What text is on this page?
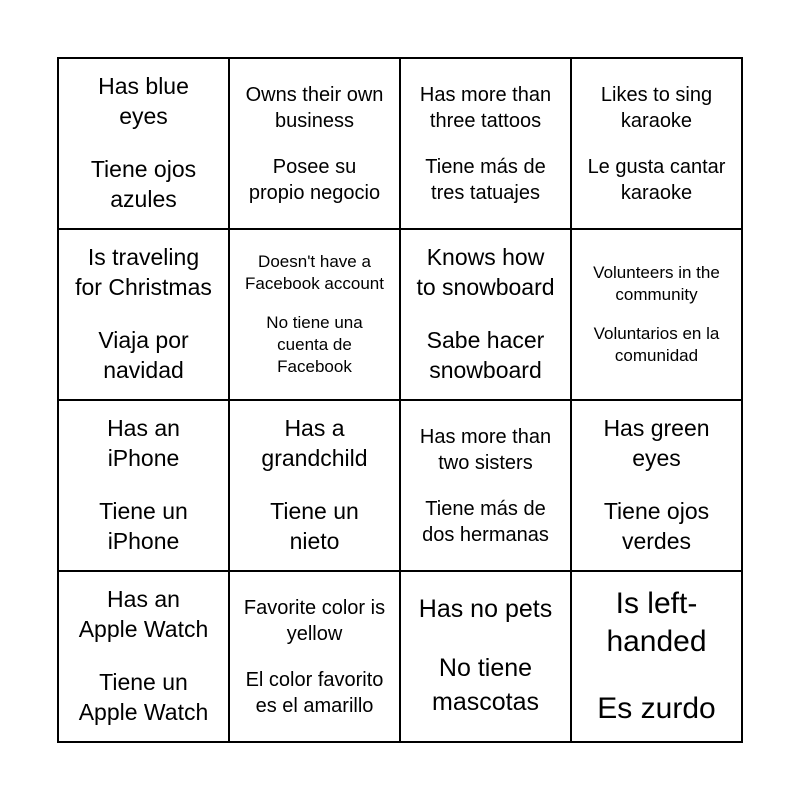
Has blue
eyes
Tiene ojos
azules
Owns their own
business
Posee su
propio negocio
Has more than
three tattoos
Tiene más de
tres tatuajes
Likes to sing
karaoke
Le gusta cantar
karaoke
Is traveling
for Christmas
Viaja por
navidad
Doesn't have a
Facebook account
No tiene una
cuenta de
Facebook
Knows how
to snowboard
Sabe hacer
snowboard
Volunteers in the
community
Voluntarios en la
comunidad
Has an
iPhone
Tiene un
iPhone
Has a
grandchild
Tiene un
nieto
Has more than
two sisters
Tiene más de
dos hermanas
Has green
eyes
Tiene ojos
verdes
Has an
Apple Watch
Tiene un
Apple Watch
Favorite color is
yellow
El color favorito
es el amarillo
Has no pets
No tiene
mascotas
Is left-
handed
Es zurdo
